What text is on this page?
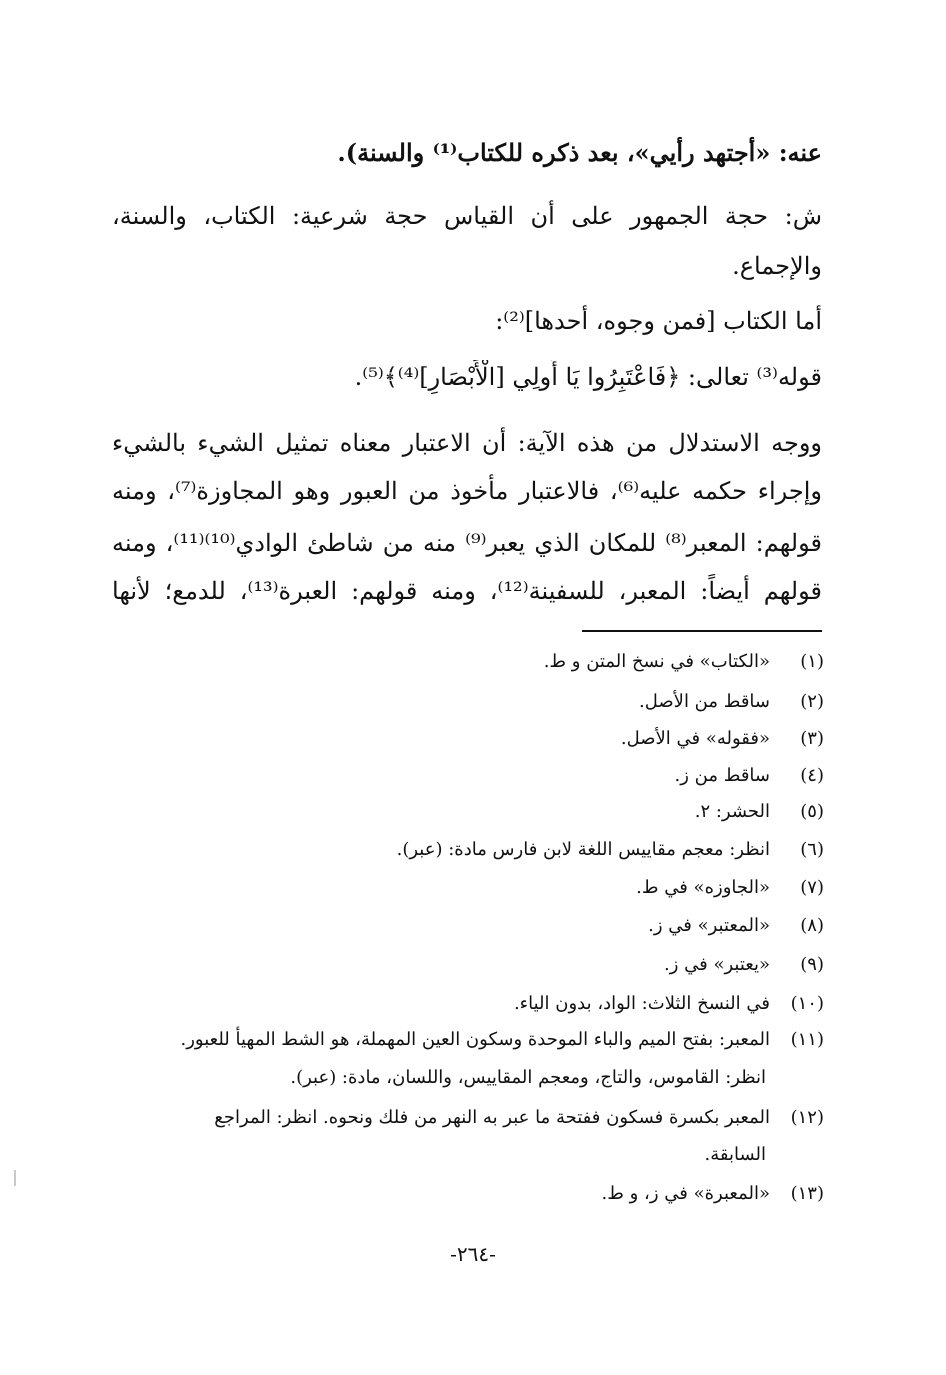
عنه: «أجتهد رأيي»، بعد ذكره للكتاب⁽¹⁾ والسنة).
ش: حجة الجمهور على أن القياس حجة شرعية: الكتاب، والسنة،
والإجماع.
أما الكتاب [فمن وجوه، أحدها]⁽²⁾:
قوله⁽³⁾ تعالى: ﴿فَاعْتَبِرُوا يَا أُولِي [الْأَبْصَارِ]⁽⁴⁾﴾⁽⁵⁾.
ووجه الاستدلال من هذه الآية: أن الاعتبار معناه تمثيل الشيء بالشيء
وإجراء حكمه عليه⁽⁶⁾، فالاعتبار مأخوذ من العبور وهو المجاوزة⁽⁷⁾، ومنه
قولهم: المعبر⁽⁸⁾ للمكان الذي يعبر⁽⁹⁾ منه من شاطئ الوادي⁽¹⁰⁾⁽¹¹⁾، ومنه
قولهم أيضاً: المعبر، للسفينة⁽¹²⁾، ومنه قولهم: العبرة⁽¹³⁾، للدمع؛ لأنها
(١)«الكتاب» في نسخ المتن و ط.
(٢)ساقط من الأصل.
(٣)«فقوله» في الأصل.
(٤)ساقط من ز.
(٥)الحشر: ٢.
(٦)انظر: معجم مقاييس اللغة لابن فارس مادة: (عبر).
(٧)«الجاوزه» في ط.
(٨)«المعتبر» في ز.
(٩)«يعتبر» في ز.
(١٠)في النسخ الثلاث: الواد، بدون الياء.
(١١)المعبر: بفتح الميم والباء الموحدة وسكون العين المهملة، هو الشط المهيأ للعبور.
انظر: القاموس، والتاج، ومعجم المقاييس، واللسان، مادة: (عبر).
(١٢)المعبر بكسرة فسكون ففتحة ما عبر به النهر من فلك ونحوه. انظر: المراجع
السابقة.
(١٣)«المعبرة» في ز، و ط.
-٢٦٤-
